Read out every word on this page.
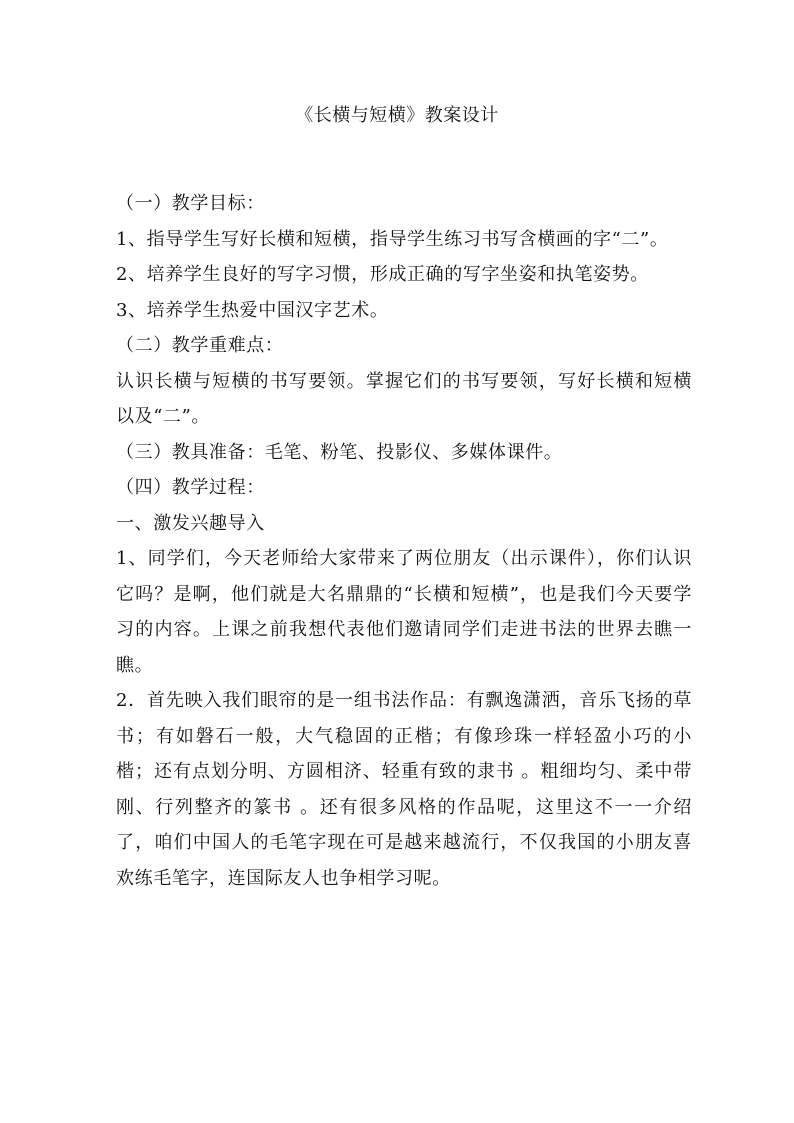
《长横与短横》教案设计

（一）教学目标：

1、指导学生写好长横和短横，指导学生练习书写含横画的字“二”。

2、培养学生良好的写字习惯，形成正确的写字坐姿和执笔姿势。

3、培养学生热爱中国汉字艺术。

（二）教学重难点：

认识长横与短横的书写要领。掌握它们的书写要领，写好长横和短横以及“二”。

（三）教具准备：毛笔、粉笔、投影仪、多媒体课件。

（四）教学过程：

一、激发兴趣导入

1、同学们，今天老师给大家带来了两位朋友（出示课件），你们认识它吗？是啊，他们就是大名鼎鼎的“长横和短横”，也是我们今天要学习的内容。上课之前我想代表他们邀请同学们走进书法的世界去瞧一瞧。

2．首先映入我们眼帘的是一组书法作品：有飘逸潇洒，音乐飞扬的草书；有如磐石一般，大气稳固的正楷；有像珍珠一样轻盈小巧的小楷；还有点划分明、方圆相济、轻重有致的隶书 。粗细均匀、柔中带刚、行列整齐的篆书 。还有很多风格的作品呢，这里这不一一介绍了，咱们中国人的毛笔字现在可是越来越流行，不仅我国的小朋友喜欢练毛笔字，连国际友人也争相学习呢。
